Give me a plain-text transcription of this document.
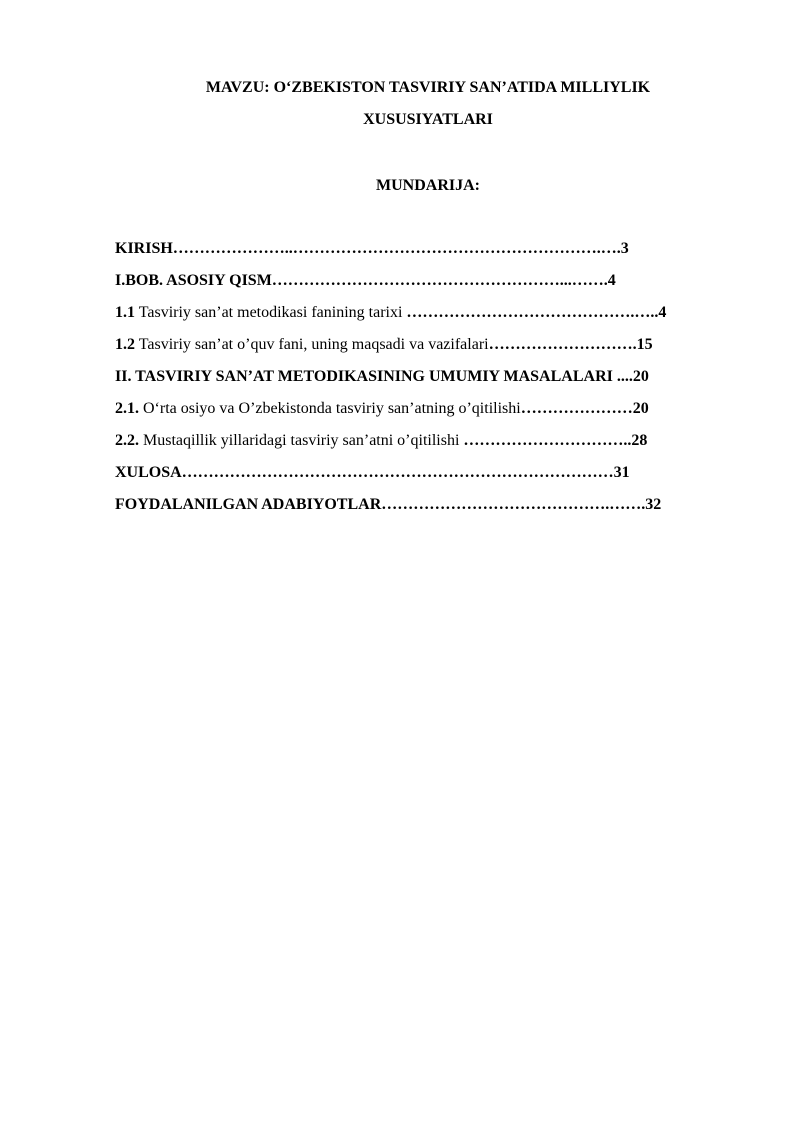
MAVZU: O‘ZBEKISTON TASVIRIY SAN’ATIDA MILLIYLIK

XUSUSIYATLARI

MUNDARIJA:

KIRISH…………………..………………………………………………….….3
I.BOB. ASOSIY QISM………………………………………………...…….4
1.1 Tasviriy san’at metodikasi fanining tarixi …………………………………….…..4
1.2 Tasviriy san’at o’quv fani, uning maqsadi va vazifalari……………………….15
II. TASVIRIY SAN’AT METODIKASINING UMUMIY MASALALARI ....20
2.1. O‘rta osiyo va O’zbekistonda tasviriy san’atning o’qitilishi…………………20
2.2. Mustaqillik yillaridagi tasviriy san’atni o’qitilishi …………………………..28
XULOSA………………………………………………………………………31
FOYDALANILGAN ADABIYOTLAR…………………………………….…….32
